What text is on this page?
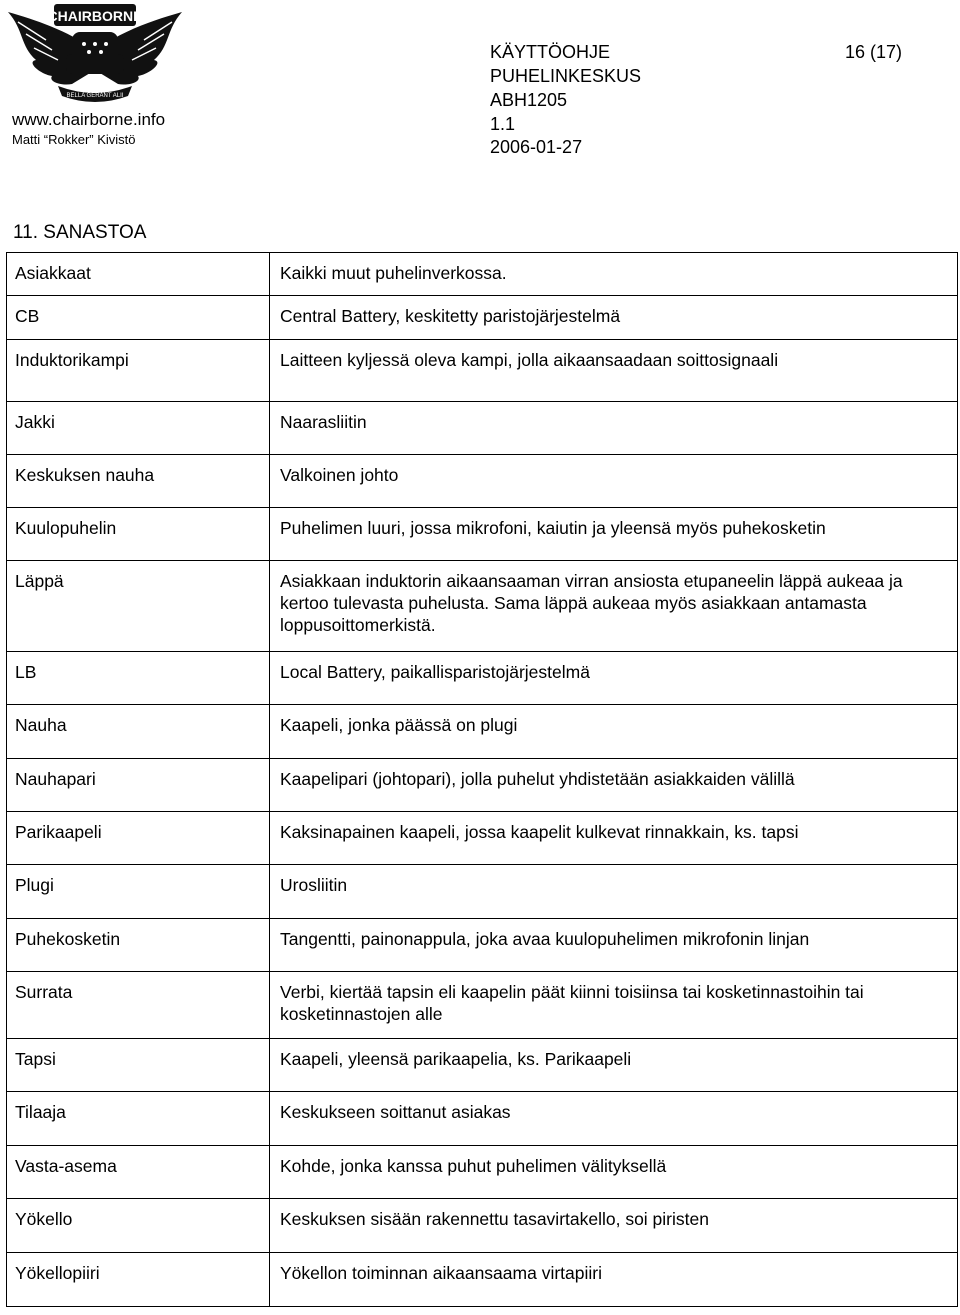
CHAIRBORNE
BELLA GERANT ALII
www.chairborne.info
Matti “Rokker” Kivistö
KÄYTTÖOHJE
PUHELINKESKUS
ABH1205
1.1
2006-01-27
16 (17)
11. SANASTOA
Asiakkaat	Kaikki muut puhelinverkossa.
CB	Central Battery, keskitetty paristojärjestelmä
Induktorikampi	Laitteen kyljessä oleva kampi, jolla aikaansaadaan soittosignaali
Jakki	Naarasliitin
Keskuksen nauha	Valkoinen johto
Kuulopuhelin	Puhelimen luuri, jossa mikrofoni, kaiutin ja yleensä myös puhekosketin
Läppä	Asiakkaan induktorin aikaansaaman virran ansiosta etupaneelin läppä aukeaa ja kertoo tulevasta puhelusta. Sama läppä aukeaa myös asiakkaan antamasta loppusoittomerkistä.
LB	Local Battery, paikallisparistojärjestelmä
Nauha	Kaapeli, jonka päässä on plugi
Nauhapari	Kaapelipari (johtopari), jolla puhelut yhdistetään asiakkaiden välillä
Parikaapeli	Kaksinapainen kaapeli, jossa kaapelit kulkevat rinnakkain, ks. tapsi
Plugi	Urosliitin
Puhekosketin	Tangentti, painonappula, joka avaa kuulopuhelimen mikrofonin linjan
Surrata	Verbi, kiertää tapsin eli kaapelin päät kiinni toisiinsa tai kosketinnastoihin tai kosketinnastojen alle
Tapsi	Kaapeli, yleensä parikaapelia, ks. Parikaapeli
Tilaaja	Keskukseen soittanut asiakas
Vasta-asema	Kohde, jonka kanssa puhut puhelimen välityksellä
Yökello	Keskuksen sisään rakennettu tasavirtakello, soi piristen
Yökellopiiri	Yökellon toiminnan aikaansaama virtapiiri
